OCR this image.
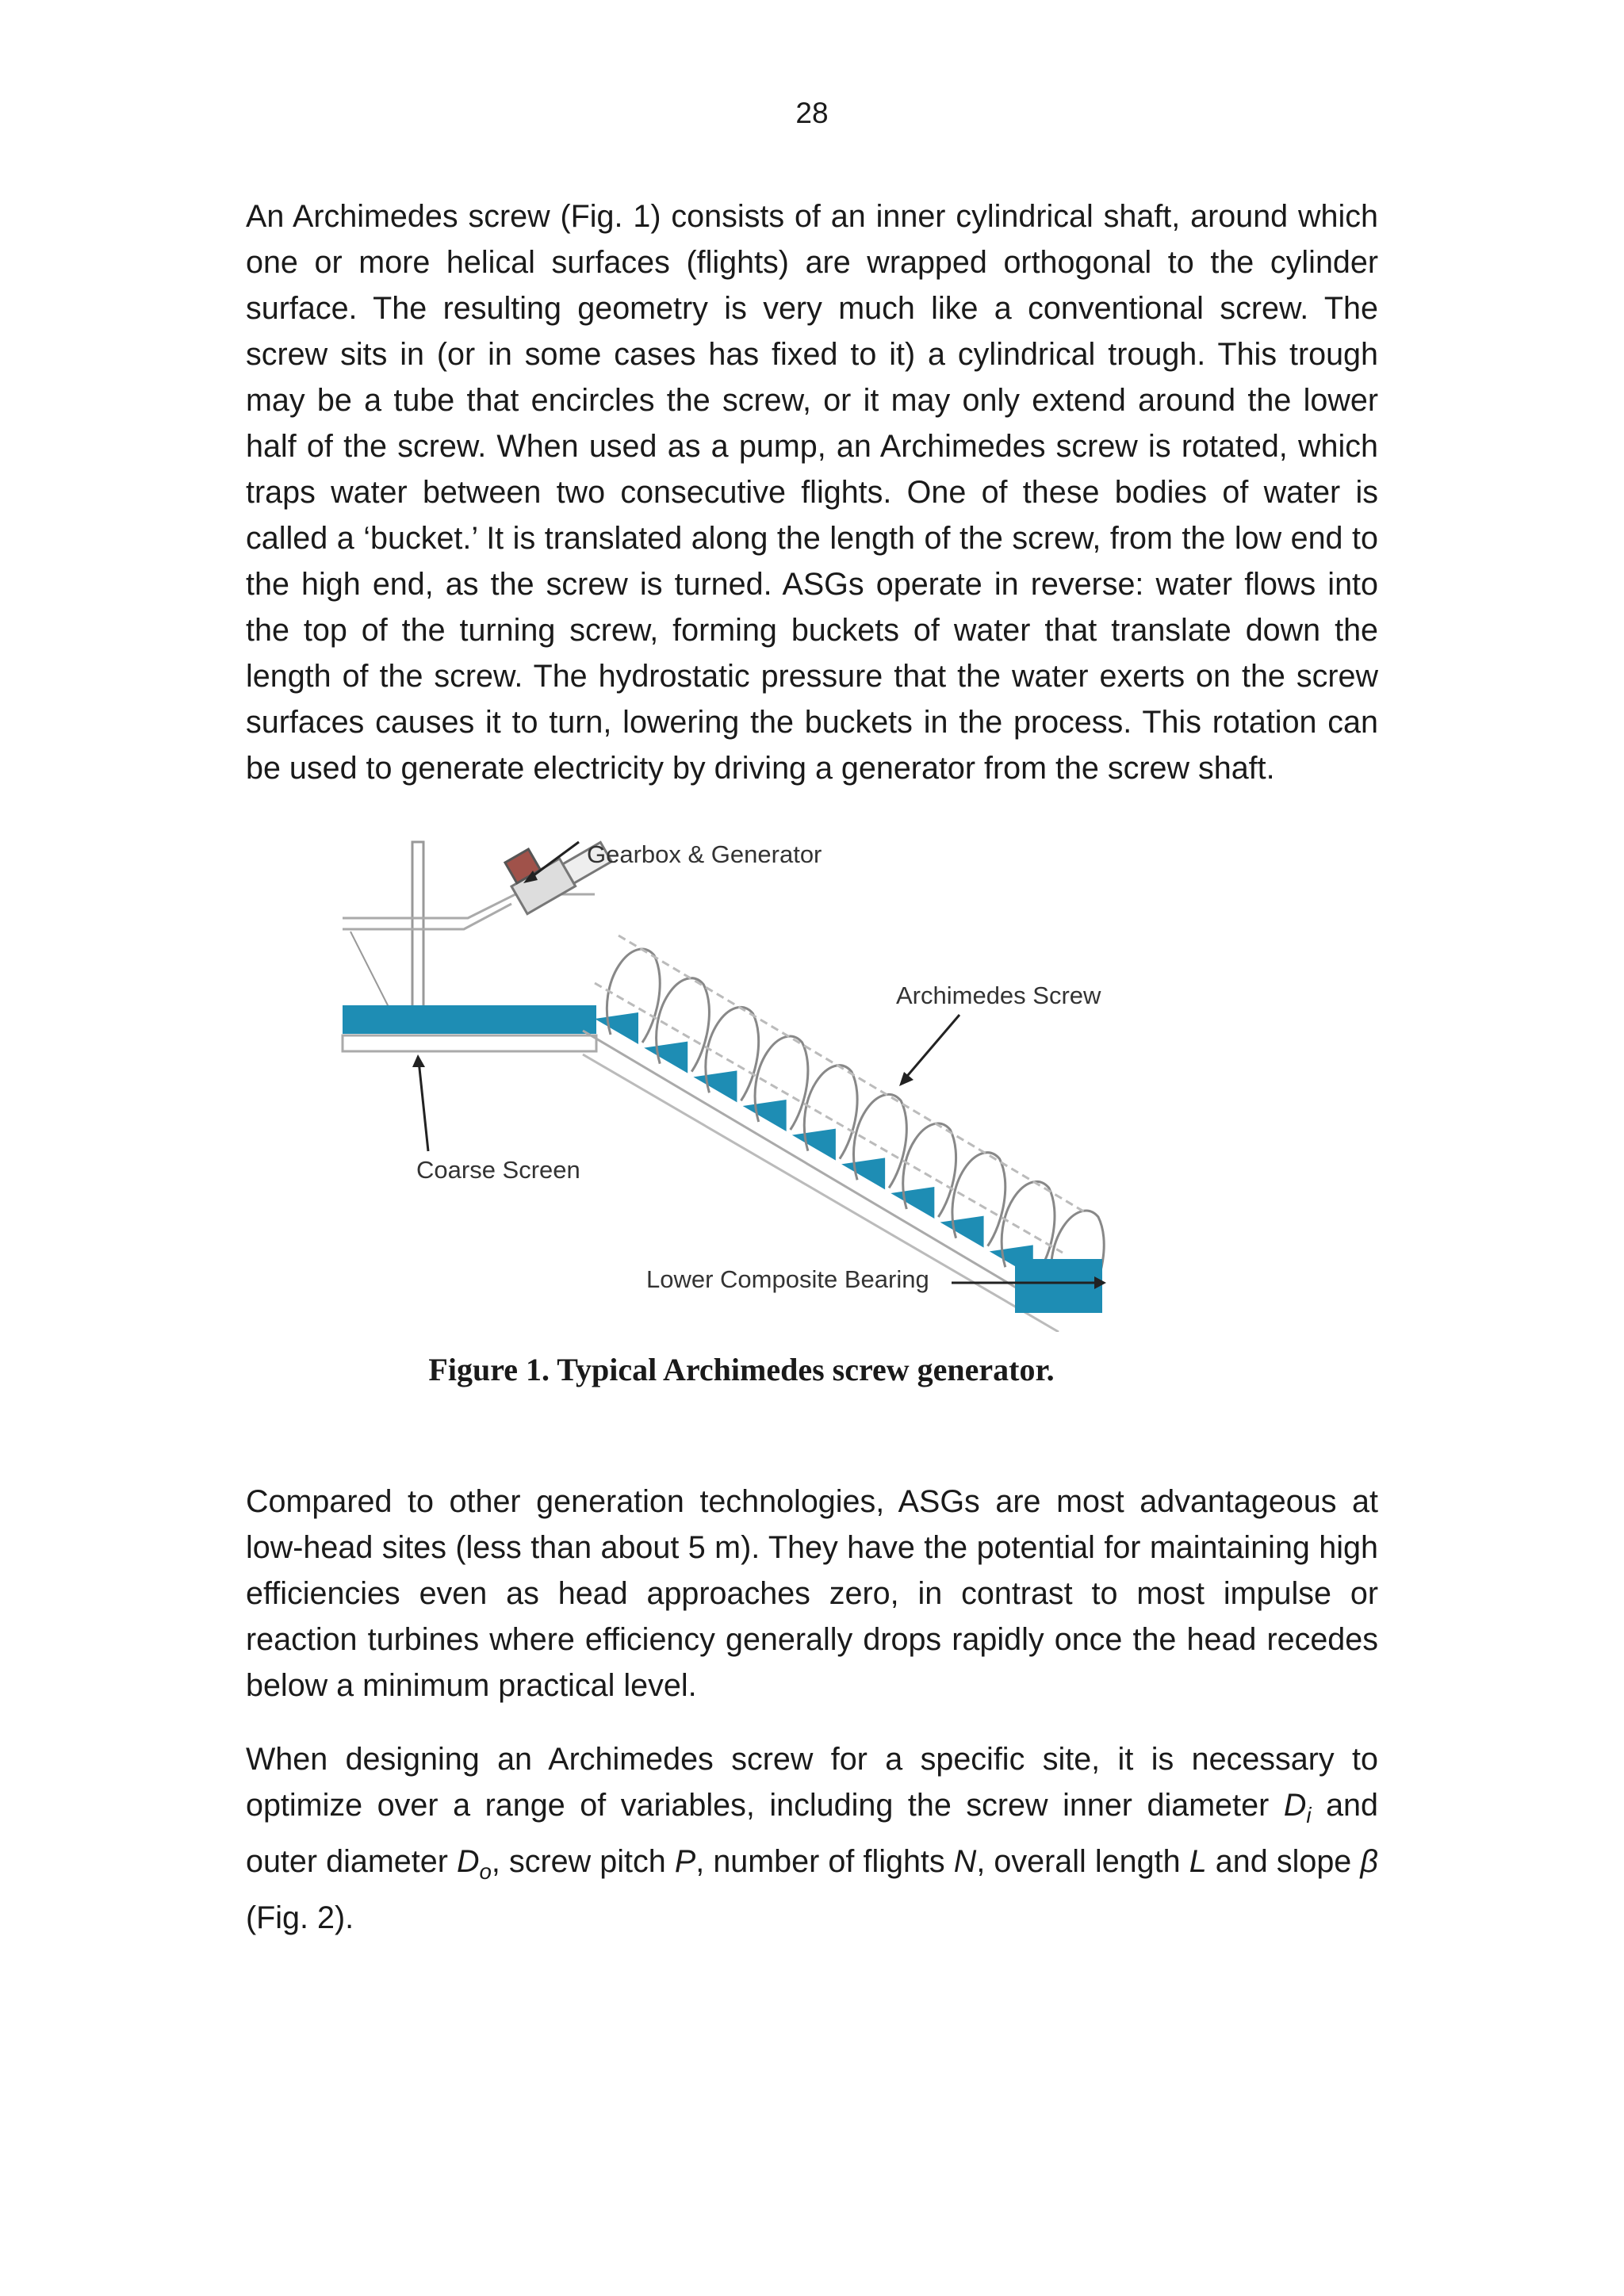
28

An Archimedes screw (Fig. 1) consists of an inner cylindrical shaft, around which one or more helical surfaces (flights) are wrapped orthogonal to the cylinder surface. The resulting geometry is very much like a conventional screw. The screw sits in (or in some cases has fixed to it) a cylindrical trough. This trough may be a tube that encircles the screw, or it may only extend around the lower half of the screw. When used as a pump, an Archimedes screw is rotated, which traps water between two consecutive flights. One of these bodies of water is called a ‘bucket.’ It is translated along the length of the screw, from the low end to the high end, as the screw is turned. ASGs operate in reverse: water flows into the top of the turning screw, forming buckets of water that translate down the length of the screw. The hydrostatic pressure that the water exerts on the screw surfaces causes it to turn, lowering the buckets in the process. This rotation can be used to generate electricity by driving a generator from the screw shaft.

Gearbox & Generator
Archimedes Screw
Coarse Screen
Lower Composite Bearing
Figure 1. Typical Archimedes screw generator.

Compared to other generation technologies, ASGs are most advantageous at low-head sites (less than about 5 m). They have the potential for maintaining high efficiencies even as head approaches zero, in contrast to most impulse or reaction turbines where efficiency generally drops rapidly once the head recedes below a minimum practical level.

When designing an Archimedes screw for a specific site, it is necessary to optimize over a range of variables, including the screw inner diameter $D_i$ and outer diameter $D_o$, screw pitch P, number of flights N, overall length L and slope β (Fig. 2).
